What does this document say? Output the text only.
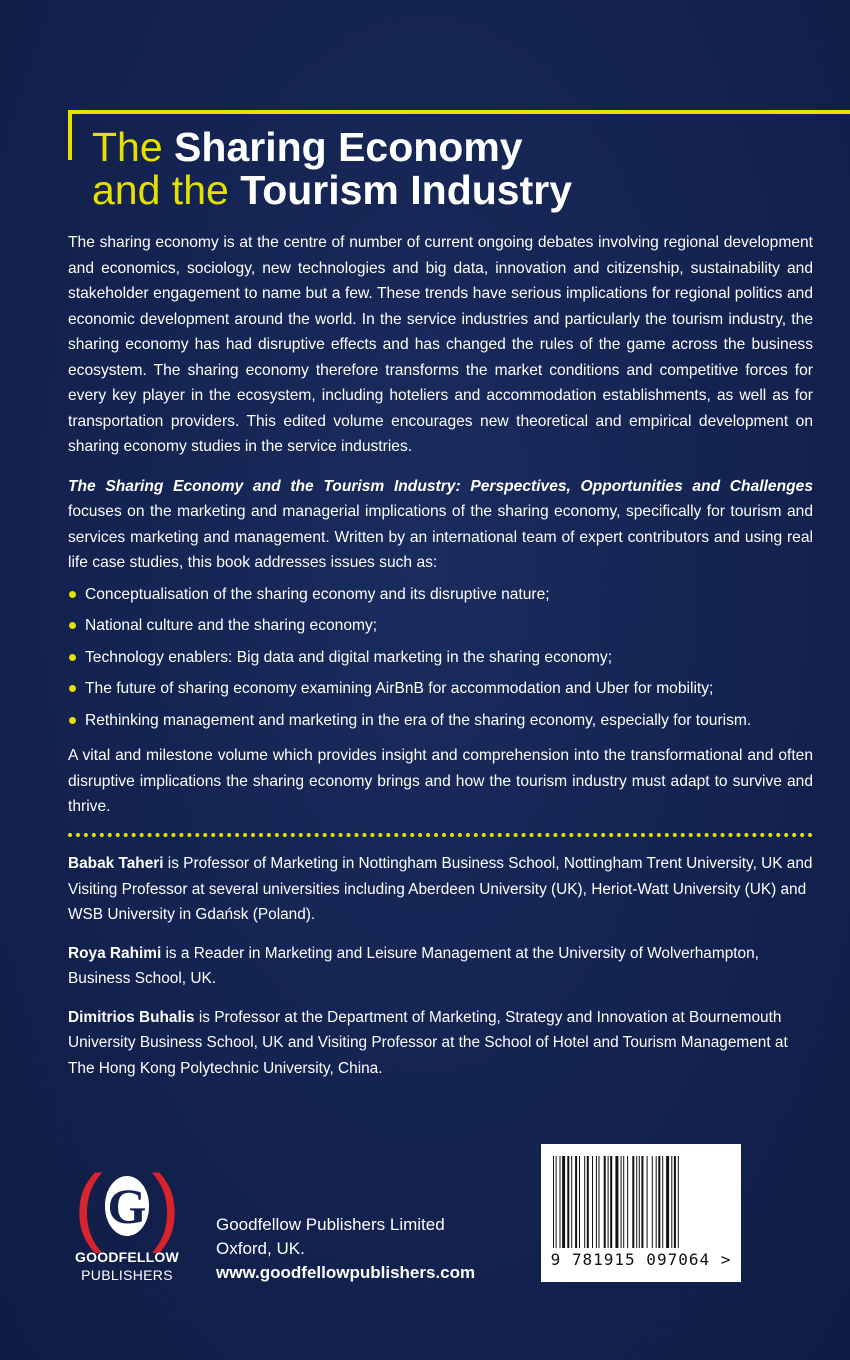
The Sharing Economy
and the Tourism Industry

The sharing economy is at the centre of number of current ongoing debates involving regional development and economics, sociology, new technologies and big data, innovation and citizenship, sustainability and stakeholder engagement to name but a few. These trends have serious implications for regional politics and economic development around the world. In the service industries and particularly the tourism industry, the sharing economy has had disruptive effects and has changed the rules of the game across the business ecosystem. The sharing economy therefore transforms the market conditions and competitive forces for every key player in the ecosystem, including hoteliers and accommodation establishments, as well as for transportation providers. This edited volume encourages new theoretical and empirical development on sharing economy studies in the service industries.

The Sharing Economy and the Tourism Industry: Perspectives, Opportunities and Challenges focuses on the marketing and managerial implications of the sharing economy, specifically for tourism and services marketing and management. Written by an international team of expert contributors and using real life case studies, this book addresses issues such as:

Conceptualisation of the sharing economy and its disruptive nature;
National culture and the sharing economy;
Technology enablers: Big data and digital marketing in the sharing economy;
The future of sharing economy examining AirBnB for accommodation and Uber for mobility;
Rethinking management and marketing in the era of the sharing economy, especially for tourism.

A vital and milestone volume which provides insight and comprehension into the transformational and often disruptive implications the sharing economy brings and how the tourism industry must adapt to survive and thrive.

Babak Taheri is Professor of Marketing in Nottingham Business School, Nottingham Trent University, UK and Visiting Professor at several universities including Aberdeen University (UK), Heriot-Watt University (UK) and WSB University in Gdańsk (Poland).

Roya Rahimi is a Reader in Marketing and Leisure Management at the University of Wolverhampton, Business School, UK.

Dimitrios Buhalis is Professor at the Department of Marketing, Strategy and Innovation at Bournemouth University Business School, UK and Visiting Professor at the School of Hotel and Tourism Management at The Hong Kong Polytechnic University, China.

( G )
GOODFELLOW
PUBLISHERS
Goodfellow Publishers Limited
Oxford, UK.
www.goodfellowpublishers.com
9 781915 097064 >
